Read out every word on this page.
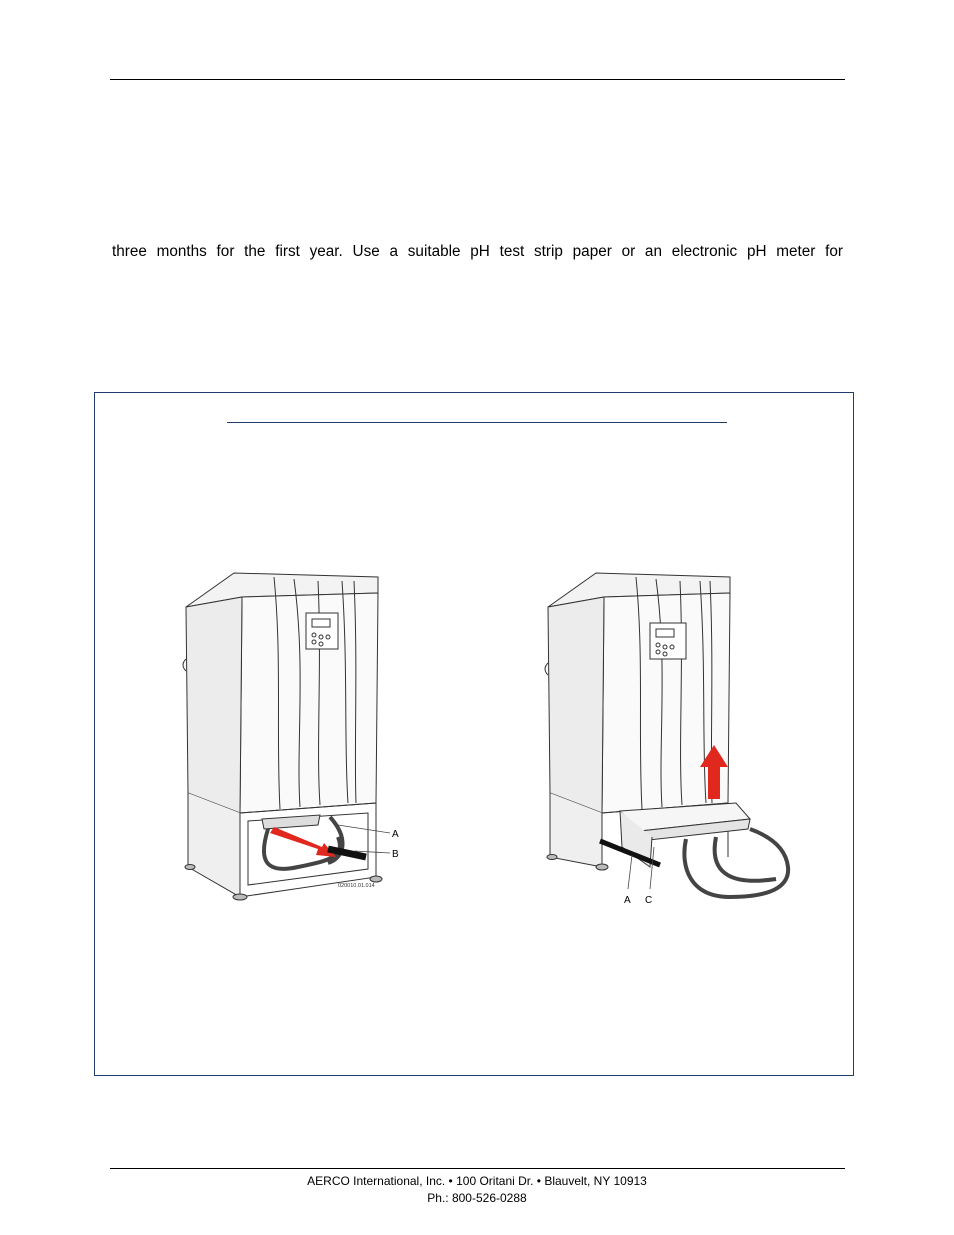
three months for the first year. Use a suitable pH test strip paper or an electronic pH meter for
A
B
020010.01.014
A C
AERCO International, Inc. • 100 Oritani Dr. • Blauvelt, NY 10913
Ph.: 800-526-0288
